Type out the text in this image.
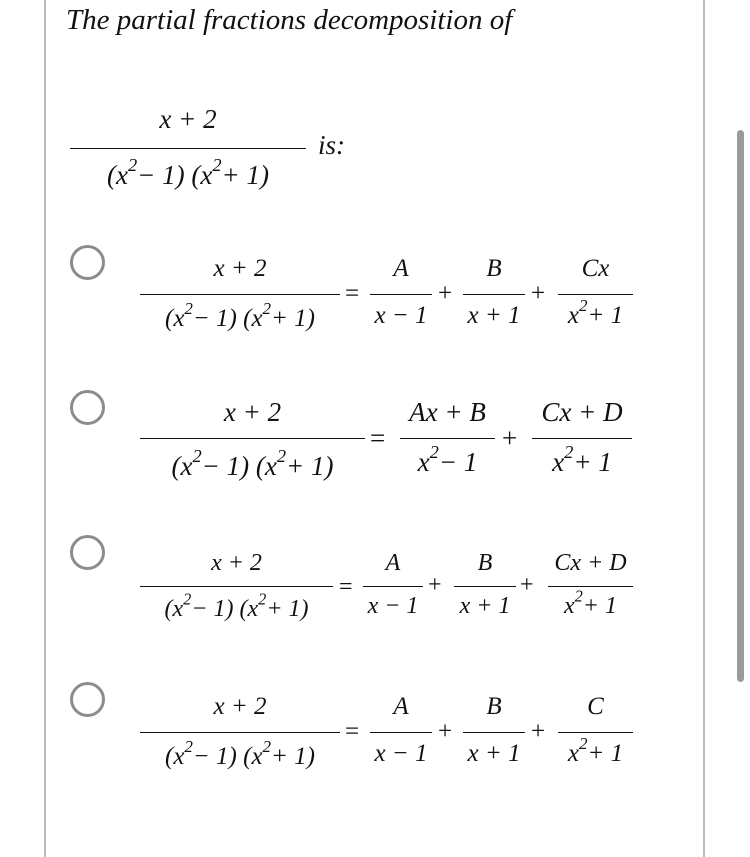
The partial fractions decomposition of
x + 2
$(x^2- 1)$ $(x^2+ 1)$
is:
x + 2
$(x^2- 1)$ $(x^2+ 1)$
=
A
x − 1
+
B
x + 1
+
Cx
$x^2+ 1$
x + 2
$(x^2- 1)$ $(x^2+ 1)$
=
Ax + B
$x^2- 1$
+
Cx + D
$x^2+ 1$
x + 2
$(x^2- 1)$ $(x^2+ 1)$
=
A
x − 1
+
B
x + 1
+
Cx + D
$x^2+ 1$
x + 2
$(x^2- 1)$ $(x^2+ 1)$
=
A
x − 1
+
B
x + 1
+
C
$x^2+ 1$
